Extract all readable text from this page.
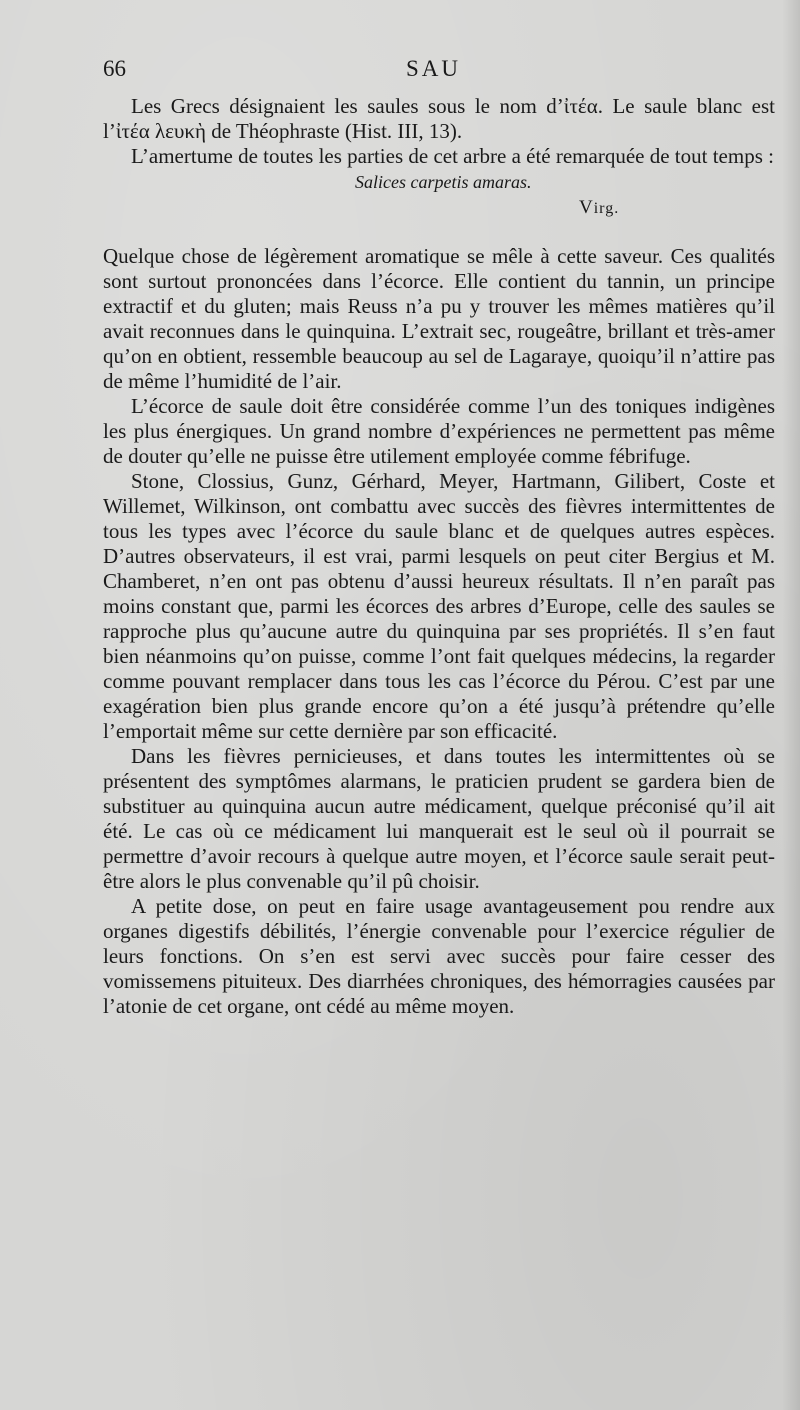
66	SAU

Les Grecs désignaient les saules sous le nom d’ἰτέα. Le saule blanc est l’ἰτέα λευκὴ de Théophraste (Hist. III, 13).

L’amertume de toutes les parties de cet arbre a été remarquée de tout temps :

Salices carpetis amaras.

Virg.

Quelque chose de légèrement aromatique se mêle à cette saveur. Ces qualités sont surtout prononcées dans l’écorce. Elle contient du tannin, un principe extractif et du gluten; mais Reuss n’a pu y trouver les mêmes matières qu’il avait reconnues dans le quinquina. L’extrait sec, rougeâtre, brillant et très-amer qu’on en obtient, ressemble beaucoup au sel de Lagaraye, quoiqu’il n’attire pas de même l’humidité de l’air.

L’écorce de saule doit être considérée comme l’un des toniques indigènes les plus énergiques. Un grand nombre d’expériences ne permettent pas même de douter qu’elle ne puisse être utilement employée comme fébrifuge.

Stone, Clossius, Gunz, Gérhard, Meyer, Hartmann, Gilibert, Coste et Willemet, Wilkinson, ont combattu avec succès des fièvres intermittentes de tous les types avec l’écorce du saule blanc et de quelques autres espèces. D’autres observateurs, il est vrai, parmi lesquels on peut citer Bergius et M. Chamberet, n’en ont pas obtenu d’aussi heureux résultats. Il n’en paraît pas moins constant que, parmi les écorces des arbres d’Europe, celle des saules se rapproche plus qu’aucune autre du quinquina par ses propriétés. Il s’en faut bien néanmoins qu’on puisse, comme l’ont fait quelques médecins, la regarder comme pouvant remplacer dans tous les cas l’écorce du Pérou. C’est par une exagération bien plus grande encore qu’on a été jusqu’à prétendre qu’elle l’emportait même sur cette dernière par son efficacité.

Dans les fièvres pernicieuses, et dans toutes les intermittentes où se présentent des symptômes alarmans, le praticien prudent se gardera bien de substituer au quinquina aucun autre médicament, quelque préconisé qu’il ait été. Le cas où ce médicament lui manquerait est le seul où il pourrait se permettre d’avoir recours à quelque autre moyen, et l’écorce saule serait peut-être alors le plus convenable qu’il pû choisir.

A petite dose, on peut en faire usage avantageusement pou rendre aux organes digestifs débilités, l’énergie convenable pour l’exercice régulier de leurs fonctions. On s’en est servi avec succès pour faire cesser des vomissemens pituiteux. Des diarrhées chroniques, des hémorragies causées par l’atonie de cet organe, ont cédé au même moyen.
